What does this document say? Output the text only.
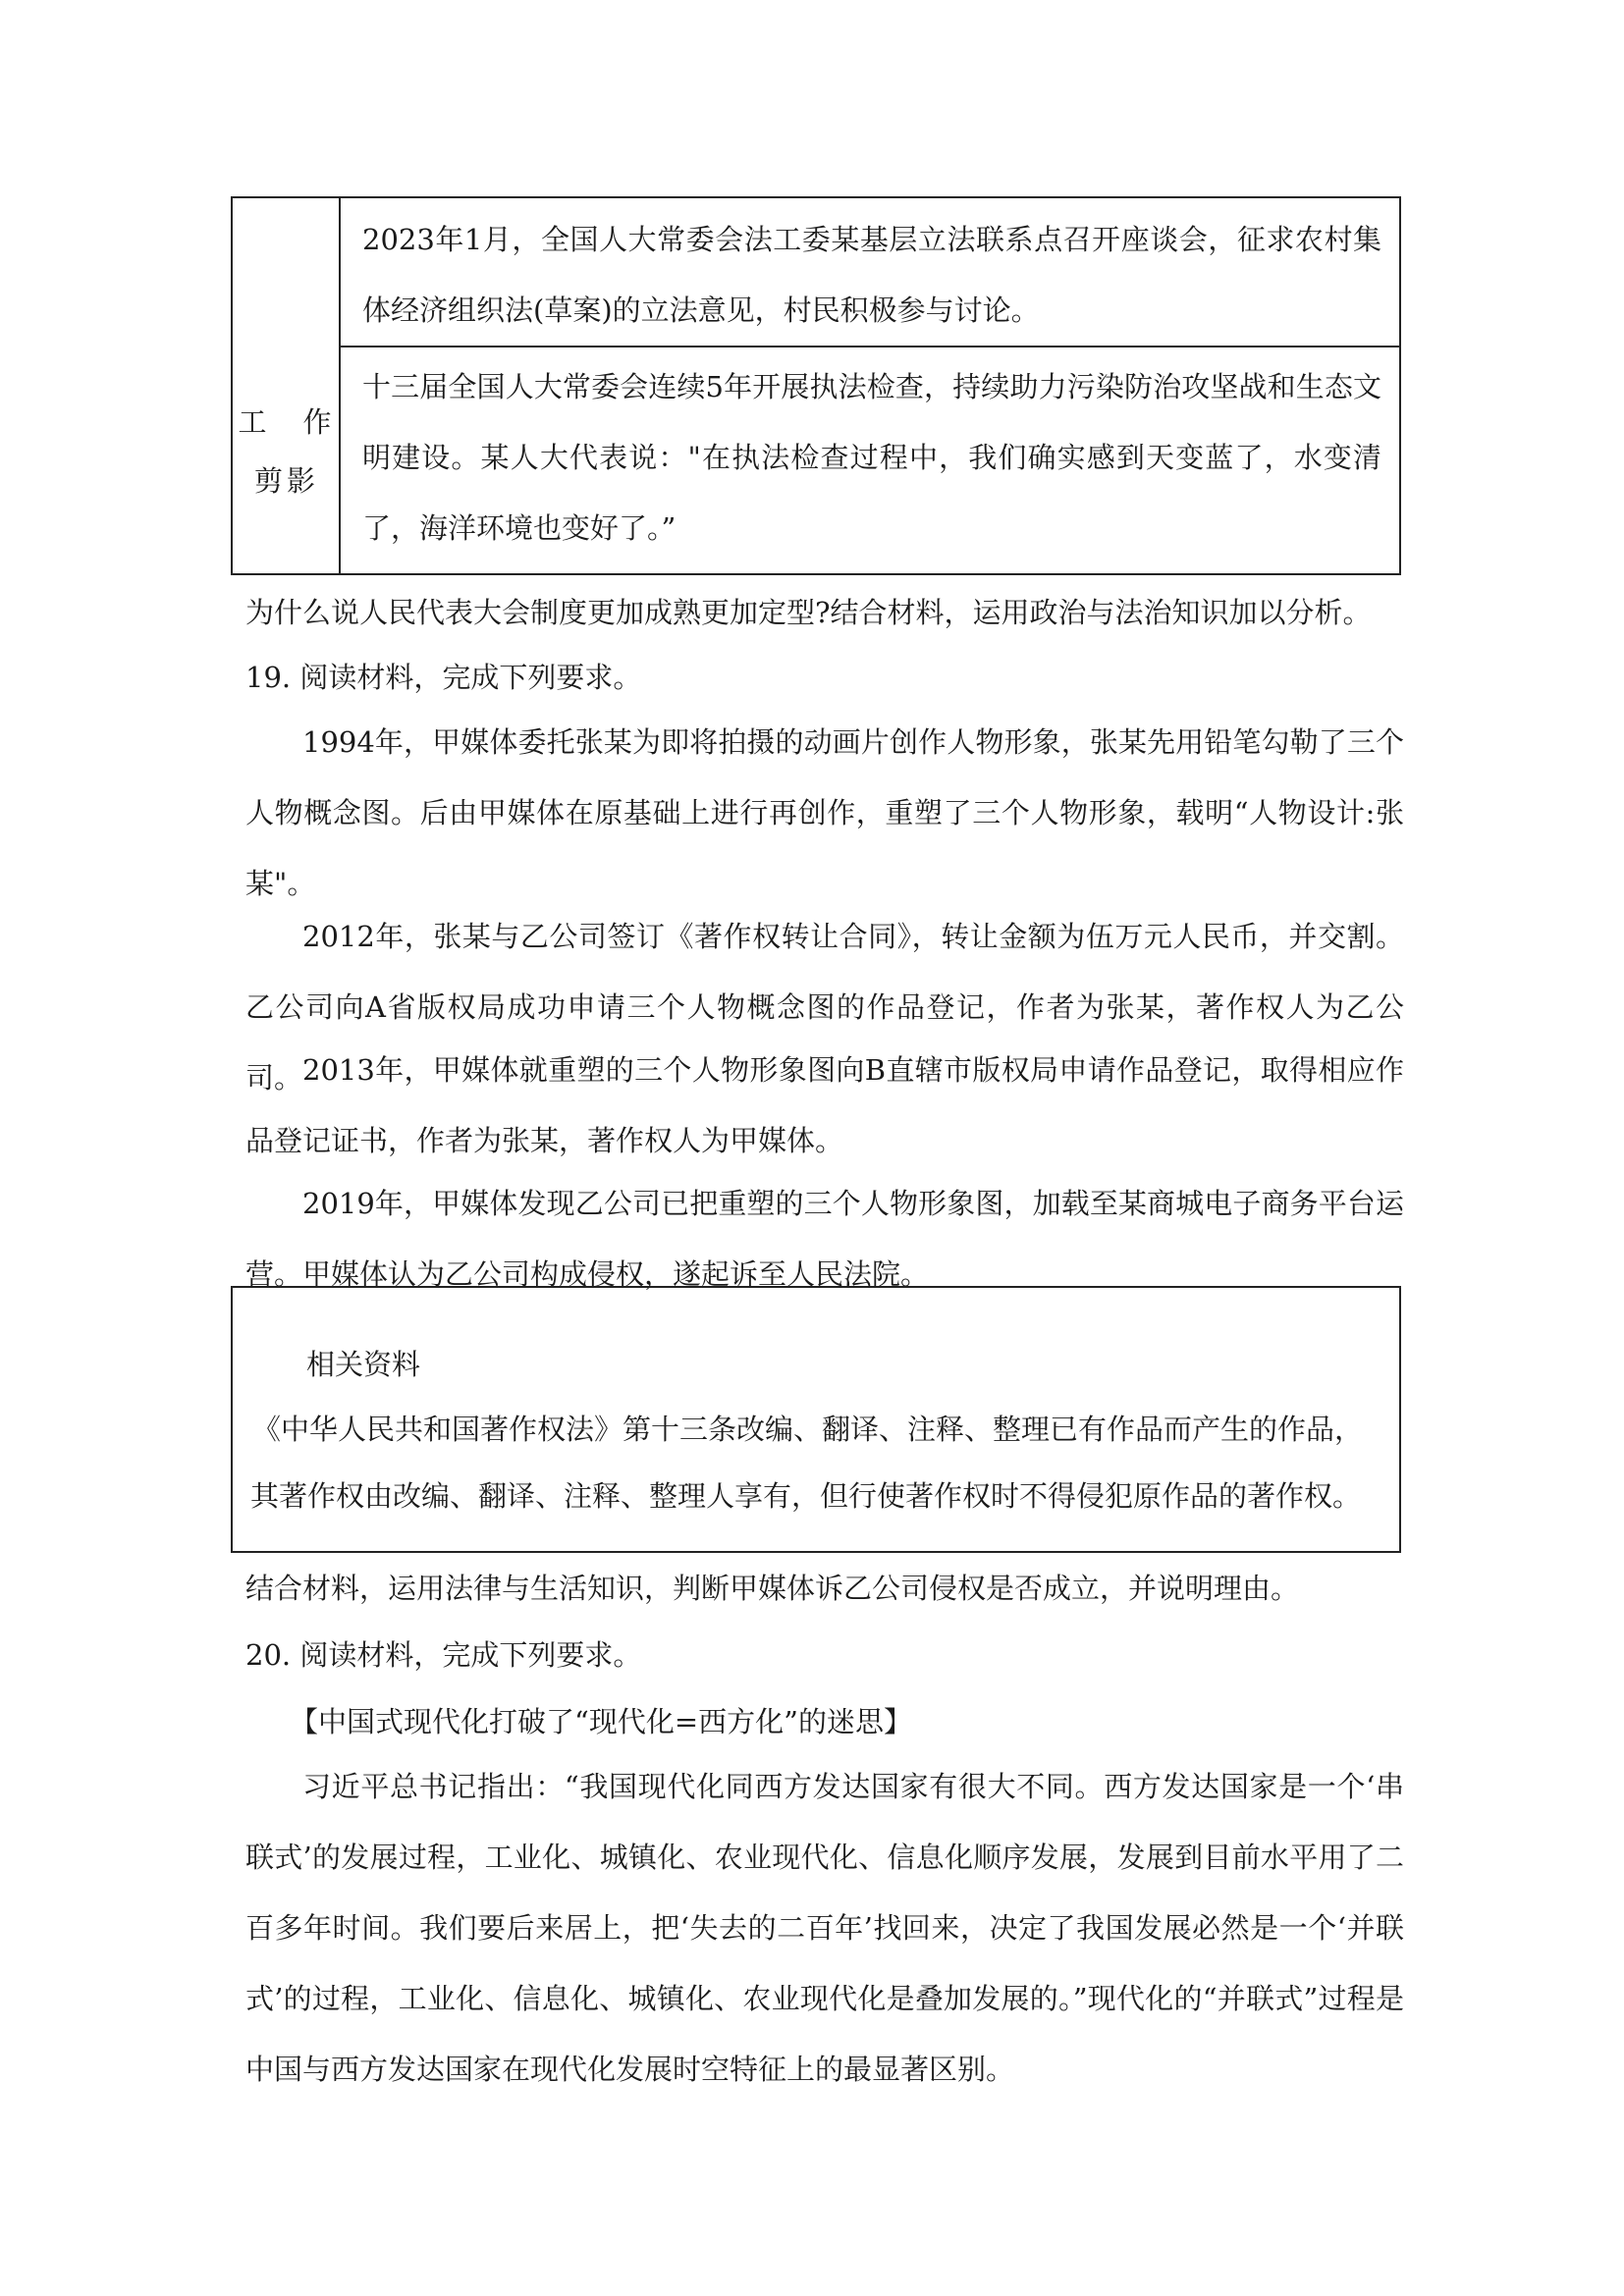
工　作
剪影
2023年1月，全国人大常委会法工委某基层立法联系点召开座谈会，征求农村集体经济组织法(草案)的立法意见，村民积极参与讨论。
十三届全国人大常委会连续5年开展执法检查，持续助力污染防治攻坚战和生态文明建设。某人大代表说："在执法检查过程中，我们确实感到天变蓝了，水变清了，海洋环境也变好了。”
为什么说人民代表大会制度更加成熟更加定型?结合材料，运用政治与法治知识加以分析。
19. 阅读材料，完成下列要求。
1994年，甲媒体委托张某为即将拍摄的动画片创作人物形象，张某先用铅笔勾勒了三个人物概念图。后由甲媒体在原基础上进行再创作，重塑了三个人物形象，载明“人物设计:张某"。
2012年，张某与乙公司签订《著作权转让合同》，转让金额为伍万元人民币，并交割。乙公司向A省版权局成功申请三个人物概念图的作品登记，作者为张某，著作权人为乙公司。 2013年，甲媒体就重塑的三个人物形象图向B直辖市版权局申请作品登记，取得相应作品登记证书，作者为张某，著作权人为甲媒体。
2019年，甲媒体发现乙公司已把重塑的三个人物形象图，加载至某商城电子商务平台运营。甲媒体认为乙公司构成侵权，遂起诉至人民法院。
相关资料
《中华人民共和国著作权法》第十三条改编、翻译、注释、整理已有作品而产生的作品，
其著作权由改编、翻译、注释、整理人享有，但行使著作权时不得侵犯原作品的著作权。
结合材料，运用法律与生活知识，判断甲媒体诉乙公司侵权是否成立，并说明理由。
20. 阅读材料，完成下列要求。
【中国式现代化打破了“现代化=西方化”的迷思】
习近平总书记指出：“我国现代化同西方发达国家有很大不同。西方发达国家是一个‘串联式’的发展过程，工业化、城镇化、农业现代化、信息化顺序发展，发展到目前水平用了二百多年时间。我们要后来居上，把‘失去的二百年’找回来，决定了我国发展必然是一个‘并联式’的过程，工业化、信息化、城镇化、农业现代化是叠加发展的。”现代化的“并联式”过程是中国与西方发达国家在现代化发展时空特征上的最显著区别。
